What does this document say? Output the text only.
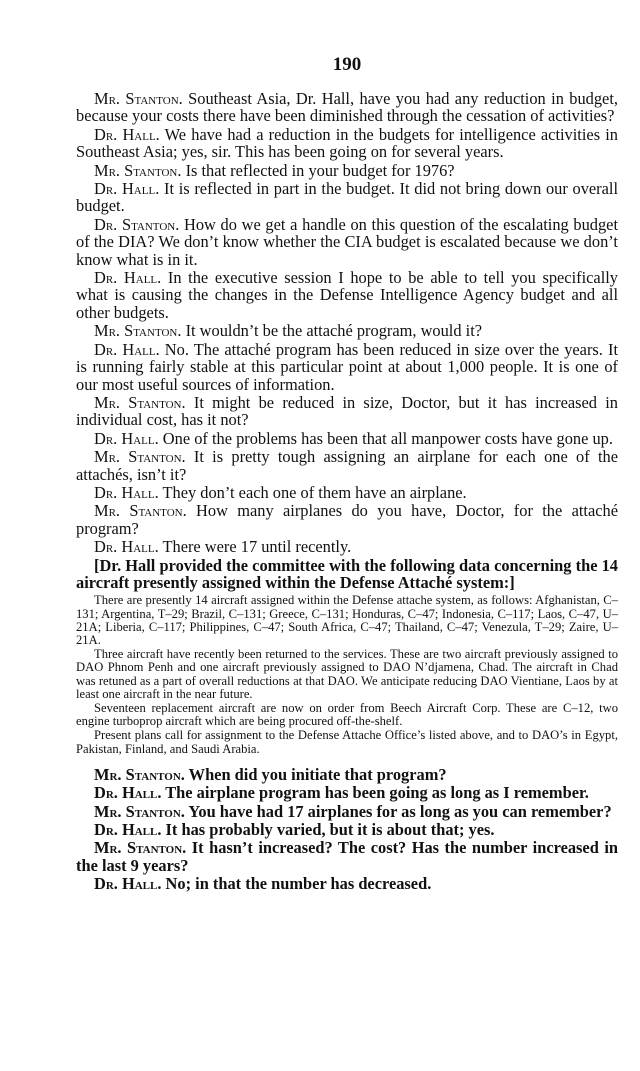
190

Mr. Stanton. Southeast Asia, Dr. Hall, have you had any reduction in budget, because your costs there have been diminished through the cessation of activities?

Dr. Hall. We have had a reduction in the budgets for intelligence activities in Southeast Asia; yes, sir. This has been going on for several years.

Mr. Stanton. Is that reflected in your budget for 1976?

Dr. Hall. It is reflected in part in the budget. It did not bring down our overall budget.

Dr. Stanton. How do we get a handle on this question of the escalating budget of the DIA? We don’t know whether the CIA budget is escalated because we don’t know what is in it.

Dr. Hall. In the executive session I hope to be able to tell you specifically what is causing the changes in the Defense Intelligence Agency budget and all other budgets.

Mr. Stanton. It wouldn’t be the attaché program, would it?

Dr. Hall. No. The attaché program has been reduced in size over the years. It is running fairly stable at this particular point at about 1,000 people. It is one of our most useful sources of information.

Mr. Stanton. It might be reduced in size, Doctor, but it has increased in individual cost, has it not?

Dr. Hall. One of the problems has been that all manpower costs have gone up.

Mr. Stanton. It is pretty tough assigning an airplane for each one of the attachés, isn’t it?

Dr. Hall. They don’t each one of them have an airplane.

Mr. Stanton. How many airplanes do you have, Doctor, for the attaché program?

Dr. Hall. There were 17 until recently.

[Dr. Hall provided the committee with the following data concerning the 14 aircraft presently assigned within the Defense Attaché system:]

There are presently 14 aircraft assigned within the Defense attache system, as follows: Afghanistan, C–131; Argentina, T–29; Brazil, C–131; Greece, C–131; Honduras, C–47; Indonesia, C–117; Laos, C–47, U–21A; Liberia, C–117; Philippines, C–47; South Africa, C–47; Thailand, C–47; Venezula, T–29; Zaire, U–21A.

Three aircraft have recently been returned to the services. These are two aircraft previously assigned to DAO Phnom Penh and one aircraft previously assigned to DAO N’djamena, Chad. The aircraft in Chad was retuned as a part of overall reductions at that DAO. We anticipate reducing DAO Vientiane, Laos by at least one aircraft in the near future.

Seventeen replacement aircraft are now on order from Beech Aircraft Corp. These are C–12, two engine turboprop aircraft which are being procured off-the-shelf.

Present plans call for assignment to the Defense Attache Office’s listed above, and to DAO’s in Egypt, Pakistan, Finland, and Saudi Arabia.

Mr. Stanton. When did you initiate that program?

Dr. Hall. The airplane program has been going as long as I remember.

Mr. Stanton. You have had 17 airplanes for as long as you can remember?

Dr. Hall. It has probably varied, but it is about that; yes.

Mr. Stanton. It hasn’t increased? The cost? Has the number increased in the last 9 years?

Dr. Hall. No; in that the number has decreased.
